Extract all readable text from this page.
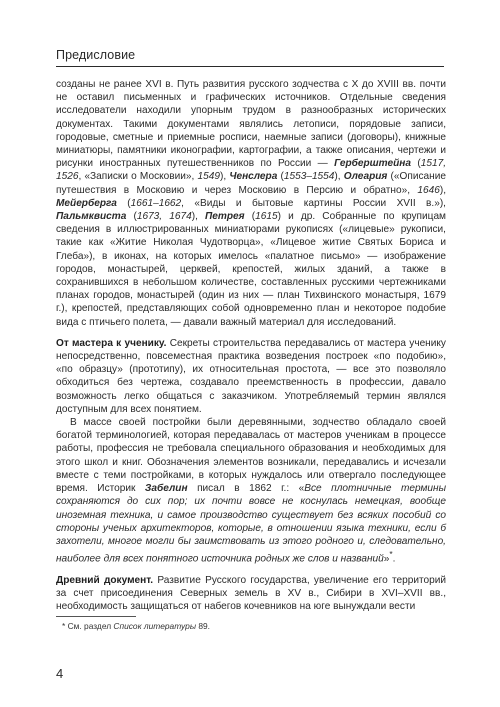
Предисловие

созданы не ранее XVI в. Путь развития русского зодчества с X до XVIII вв. почти не оставил письменных и графических источников. Отдельные сведения исследователи находили упорным трудом в разнообразных исторических документах. Такими документами являлись летописи, порядовые записи, городовые, сметные и приемные росписи, наемные записи (договоры), книжные миниатюры, памятники иконографии, картографии, а также описания, чертежи и рисунки иностранных путешественников по России — Герберштейна (1517, 1526, «Записки о Московии», 1549), Ченслера (1553–1554), Олеария («Описание путешествия в Московию и через Московию в Персию и обратно», 1646), Мейерберга (1661–1662, «Виды и бытовые картины России XVII в.»), Пальмквиста (1673, 1674), Петрея (1615) и др. Собранные по крупицам сведения в иллюстрированных миниатюрами рукописях («лицевые» рукописи, такие как «Житие Николая Чудотворца», «Лицевое житие Святых Бориса и Глеба»), в иконах, на которых имелось «палатное письмо» — изображение городов, монастырей, церквей, крепостей, жилых зданий, а также в сохранившихся в небольшом количестве, составленных русскими чертежниками планах городов, монастырей (один из них — план Тихвинского монастыря, 1679 г.), крепостей, представляющих собой одновременно план и некоторое подобие вида с птичьего полета, — давали важный материал для исследований.

От мастера к ученику. Секреты строительства передавались от мастера ученику непосредственно, повсеместная практика возведения построек «по подобию», «по образцу» (прототипу), их относительная простота, — все это позволяло обходиться без чертежа, создавало преемственность в профессии, давало возможность легко общаться с заказчиком. Употребляемый термин являлся доступным для всех понятием.

В массе своей постройки были деревянными, зодчество обладало своей богатой терминологией, которая передавалась от мастеров ученикам в процессе работы, профессия не требовала специального образования и необходимых для этого школ и книг. Обозначения элементов возникали, передавались и исчезали вместе с теми постройками, в которых нуждалось или отвергало последующее время. Историк Забелин писал в 1862 г.: «Все плотничные термины сохраняются до сих пор; их почти вовсе не коснулась немецкая, вообще иноземная техника, и самое производство существует без всяких пособий со стороны ученых архитекторов, которые, в отношении языка техники, если б захотели, многое могли бы заимствовать из этого родного и, следовательно, наиболее для всех понятного источника родных же слов и названий»*.

Древний документ. Развитие Русского государства, увеличение его территорий за счет присоединения Северных земель в XV в., Сибири в XVI–XVII вв., необходимость защищаться от набегов кочевников на юге вынуждали вести

* См. раздел Список литературы 89.
4
